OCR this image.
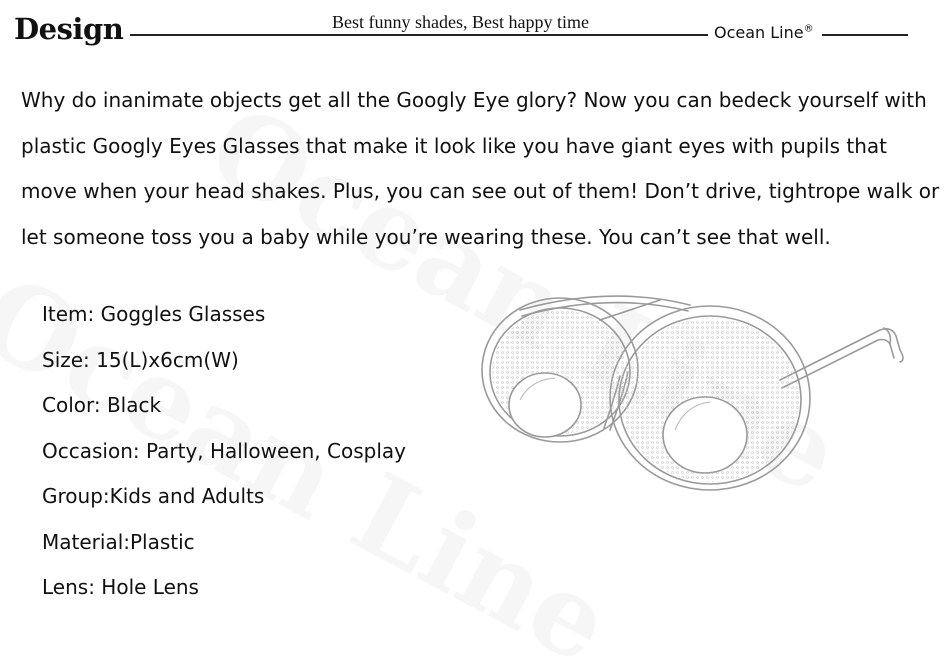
Design	Best funny shades, Best happy time
Ocean Line®

Why do inanimate objects get all the Googly Eye glory? Now you can bedeck yourself with plastic Googly Eyes Glasses that make it look like you have giant eyes with pupils that move when your head shakes. Plus, you can see out of them! Don’t drive, tightrope walk or let someone toss you a baby while you’re wearing these. You can’t see that well.

Item: Goggles Glasses
Size: 15(L)x6cm(W)
Color: Black
Occasion: Party, Halloween, Cosplay
Group:Kids and Adults
Material:Plastic
Lens: Hole Lens
